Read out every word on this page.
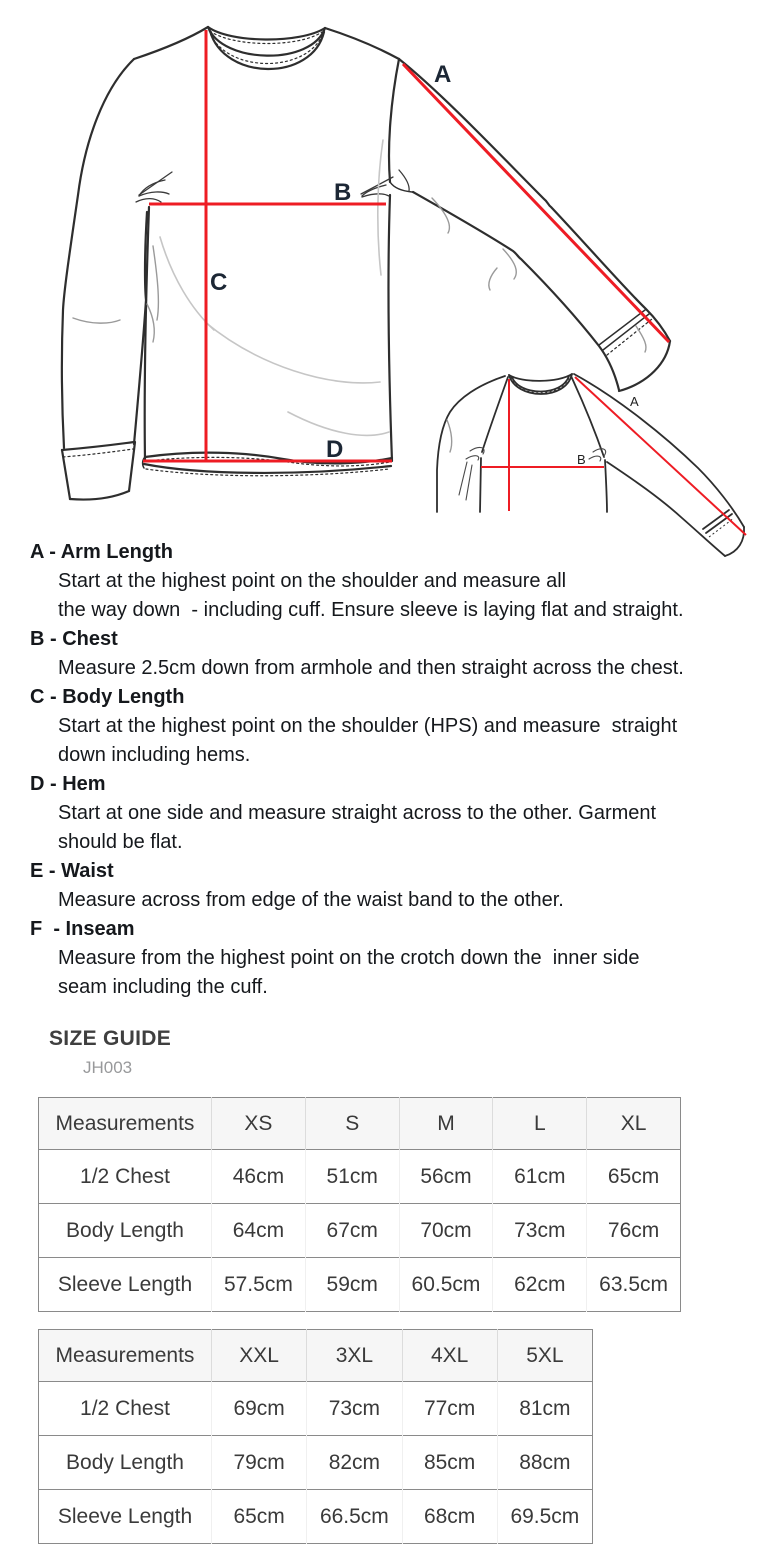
A
B
C
D
A
B
A - Arm Length
Start at the highest point on the shoulder and measure all
the way down  - including cuff. Ensure sleeve is laying flat and straight.
B - Chest
Measure 2.5cm down from armhole and then straight across the chest.
C - Body Length
Start at the highest point on the shoulder (HPS) and measure  straight
down including hems.
D - Hem
Start at one side and measure straight across to the other. Garment
should be flat.
E - Waist
Measure across from edge of the waist band to the other.
F  - Inseam
Measure from the highest point on the crotch down the  inner side
seam including the cuff.
SIZE GUIDE
JH003
Measurements	XS	S	M	L	XL
1/2 Chest	46cm	51cm	56cm	61cm	65cm
Body Length	64cm	67cm	70cm	73cm	76cm
Sleeve Length	57.5cm	59cm	60.5cm	62cm	63.5cm
Measurements	XXL	3XL	4XL	5XL
1/2 Chest	69cm	73cm	77cm	81cm
Body Length	79cm	82cm	85cm	88cm
Sleeve Length	65cm	66.5cm	68cm	69.5cm
